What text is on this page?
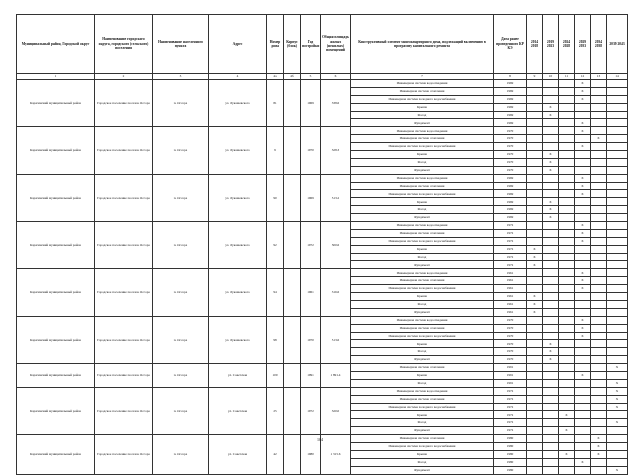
Муниципальный район, Городской округ	Наименование городского округа, городского (сельского) поселения	Наименование населенного пункта	Адрес	Номер дома	Корпус (блок)	Год постройки	Общая площадь жилых (нежилых) помещений	Конструктивный элемент многоквартирного дома, подлежащий включению в программу капитального ремонта	Дата ранее проведенного КР КЭ	2014 2018	2019 2023	2024 2028	2029 2033	2034 2038	2039 2043
1	2	3	4	4а	4б	5	6	7	8	9	10	11	12	13	14
Карагинский муниципальный район	Городское поселение поселок Оссора	п. Оссора	ул. Лукашевского	81		1969	338.6	Инженерная система водоотведения	1969				X		
								Инженерная система отопления	1969				X		
								Инженерная система холодного водоснабжения	1969				X		
								Крыша	1969		X				
								Фасад	1969		X				
								Фундамент	1969				X		
Карагинский муниципальный район	Городское поселение поселок Оссора	п. Оссора	ул. Лукашевского	9		1970	328.3	Инженерная система водоотведения	1970				X		
								Инженерная система отопления	1970					X	
								Инженерная система холодного водоснабжения	1970				X		
								Крыша	1970		X				
								Фасад	1970		X				
								Фундамент	1970		X				
Карагинский муниципальный район	Городское поселение поселок Оссора	п. Оссора	ул. Лукашевского	90		1969	513.2	Инженерная система водоотведения	1969				X		
								Инженерная система отопления	1969				X		
								Инженерная система холодного водоснабжения	1969				X		
								Крыша	1969		X				
								Фасад	1969		X				
								Фундамент	1969		X				
Карагинский муниципальный район	Городское поселение поселок Оссора	п. Оссора	ул. Лукашевского	92		1972	500.6	Инженерная система водоотведения	1972				X		
								Инженерная система отопления	1972				X		
								Инженерная система холодного водоснабжения	1972				X		
								Крыша	1972	X					
								Фасад	1972	X					
								Фундамент	1972	X					
Карагинский муниципальный район	Городское поселение поселок Оссора	п. Оссора	ул. Лукашевского	94		1961	316.6	Инженерная система водоотведения	1961				X		
								Инженерная система отопления	1961				X		
								Инженерная система холодного водоснабжения	1961				X		
								Крыша	1961	X					
								Фасад	1961	X					
								Фундамент	1961	X					
Карагинский муниципальный район	Городское поселение поселок Оссора	п. Оссора	ул. Лукашевского	98		1970	513.6	Инженерная система водоотведения	1970				X		
								Инженерная система отопления	1970				X		
								Инженерная система холодного водоснабжения	1970				X		
								Крыша	1970		X				
								Фасад	1970		X				
								Фундамент	1970		X				
Карагинский муниципальный район	Городское поселение поселок Оссора	п. Оссора	ул. Советская	100		1991	1 891.4	Инженерная система отопления	1991						X
								Крыша	1991				X		
								Фасад	1991						X
Карагинский муниципальный район	Городское поселение поселок Оссора	п. Оссора	ул. Советская	25		1972	320.0	Инженерная система водоотведения	1972						X
								Инженерная система отопления	1972						X
								Инженерная система холодного водоснабжения	1972						X
								Крыша	1972			X			
								Фасад	1972						X
								Фундамент	1972			X			
Карагинский муниципальный район	Городское поселение поселок Оссора	п. Оссора	ул. Советская	42		1980	1 315.6	Инженерная система отопления	1980					X	
								Инженерная система холодного водоснабжения	1980					X	
								Крыша	1980			X		X	
								Фасад	1980				X		
								Фундамент	1980						X
104
